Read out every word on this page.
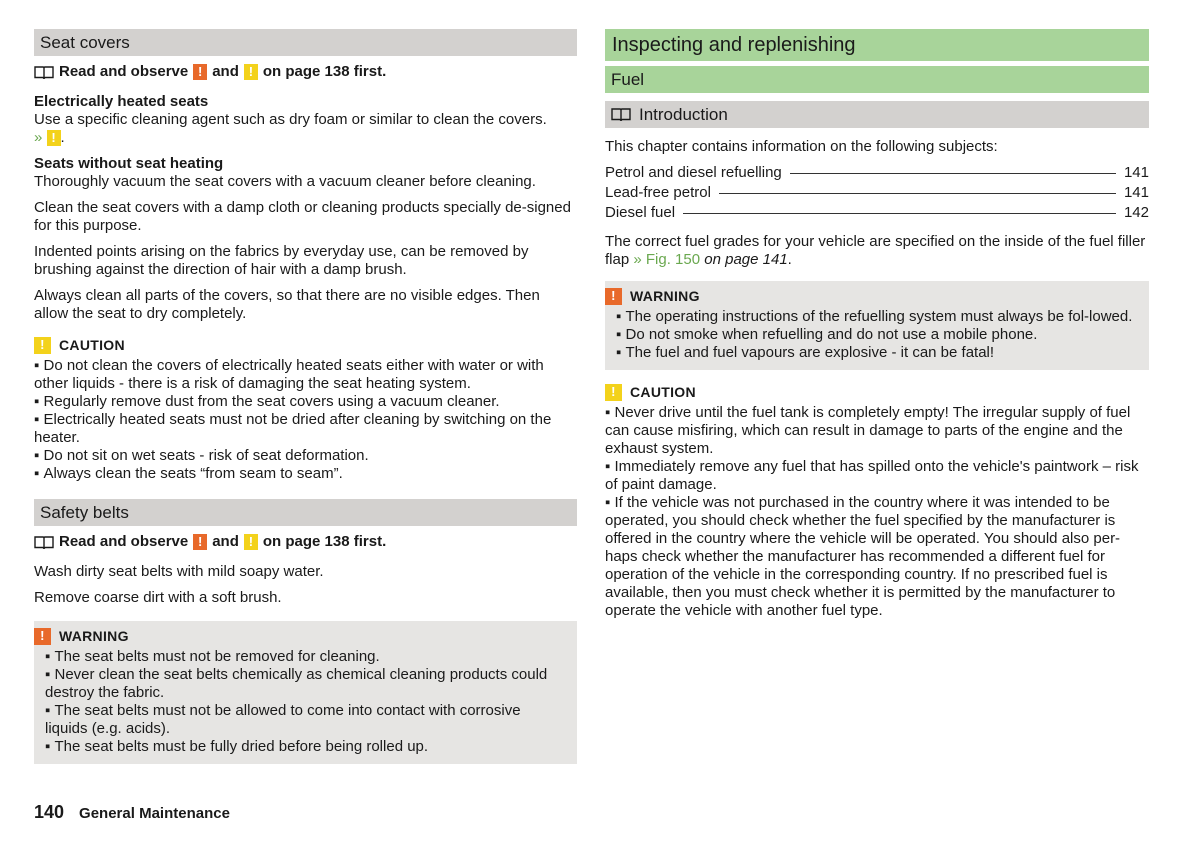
Seat covers
Read and observe ! and ! on page 138 first.

Electrically heated seats

Use a specific cleaning agent such as dry foam or similar to clean the covers.

» ! .

Seats without seat heating

Thoroughly vacuum the seat covers with a vacuum cleaner before cleaning.

Clean the seat covers with a damp cloth or cleaning products specially de-signed for this purpose.

Indented points arising on the fabrics by everyday use, can be removed by brushing against the direction of hair with a damp brush.

Always clean all parts of the covers, so that there are no visible edges. Then allow the seat to dry completely.

!	CAUTION
▪ Do not clean the covers of electrically heated seats either with water or with other liquids - there is a risk of damaging the seat heating system.
▪ Regularly remove dust from the seat covers using a vacuum cleaner.
▪ Electrically heated seats must not be dried after cleaning by switching on the heater.
▪ Do not sit on wet seats - risk of seat deformation.
▪ Always clean the seats “from seam to seam”.
Safety belts
Read and observe ! and ! on page 138 first.

Wash dirty seat belts with mild soapy water.

Remove coarse dirt with a soft brush.

!	WARNING
▪ The seat belts must not be removed for cleaning.
▪ Never clean the seat belts chemically as chemical cleaning products could destroy the fabric.
▪ The seat belts must not be allowed to come into contact with corrosive liquids (e.g. acids).
▪ The seat belts must be fully dried before being rolled up.
Inspecting and replenishing
Fuel
Introduction

This chapter contains information on the following subjects:

Petrol and diesel refuelling	141
Lead-free petrol	141
Diesel fuel	142

The correct fuel grades for your vehicle are specified on the inside of the fuel filler flap » Fig. 150 on page 141.

!	WARNING
▪ The operating instructions of the refuelling system must always be fol-lowed.
▪ Do not smoke when refuelling and do not use a mobile phone.
▪ The fuel and fuel vapours are explosive - it can be fatal!
!	CAUTION
▪ Never drive until the fuel tank is completely empty! The irregular supply of fuel can cause misfiring, which can result in damage to parts of the engine and the exhaust system.
▪ Immediately remove any fuel that has spilled onto the vehicle's paintwork – risk of paint damage.
▪ If the vehicle was not purchased in the country where it was intended to be operated, you should check whether the fuel specified by the manufacturer is offered in the country where the vehicle will be operated. You should also per-haps check whether the manufacturer has recommended a different fuel for operation of the vehicle in the corresponding country. If no prescribed fuel is available, then you must check whether it is permitted by the manufacturer to operate the vehicle with another fuel type.
140 General Maintenance
